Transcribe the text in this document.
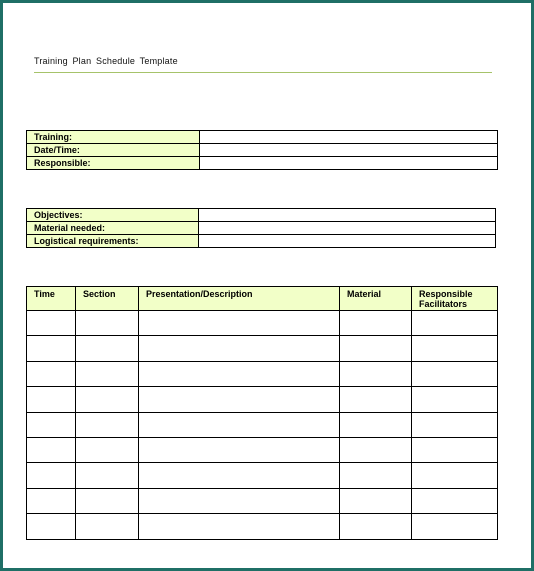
Training Plan Schedule Template
Training:	
Date/Time:	
Responsible:	
Objectives:	
Material needed:	
Logistical requirements:	
Time	Section	Presentation/Description	Material	Responsible Facilitators
